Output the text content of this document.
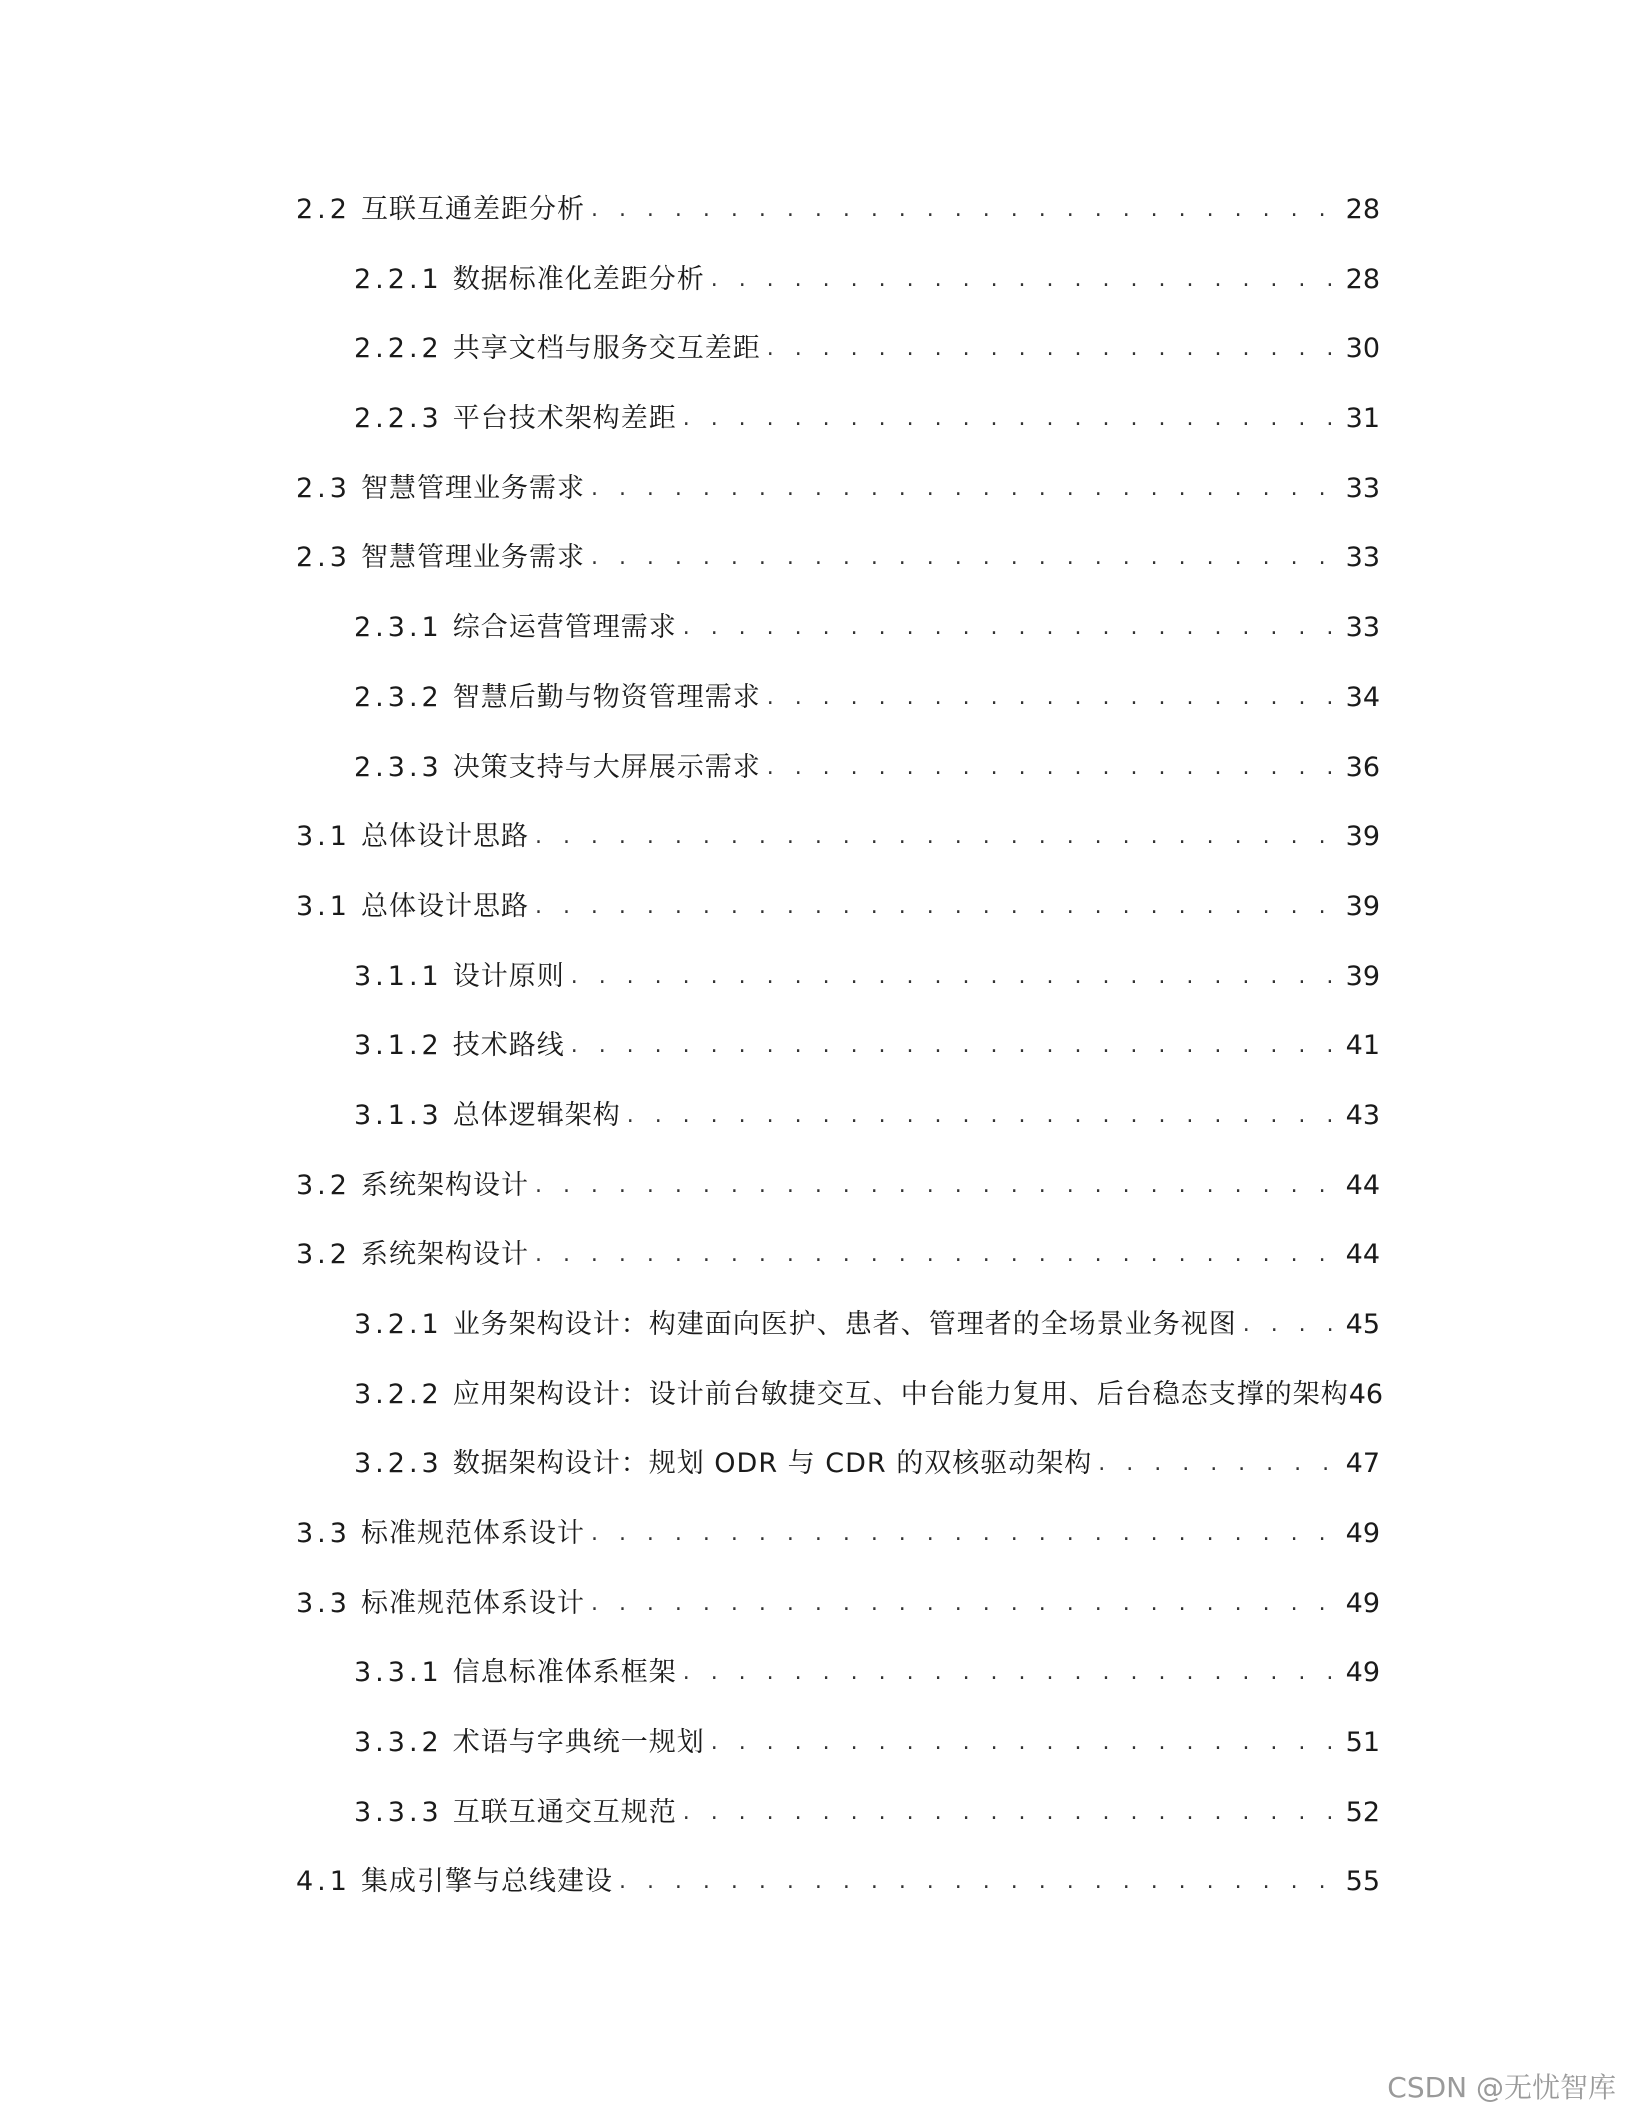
2.2 互联互通差距分析 . . .	28
2.2.1 数据标准化差距分析 . . .	28
2.2.2 共享文档与服务交互差距 . . .	30
2.2.3 平台技术架构差距 . . .	31
2.3 智慧管理业务需求 . . .	33
2.3 智慧管理业务需求 . . .	33
2.3.1 综合运营管理需求 . . .	33
2.3.2 智慧后勤与物资管理需求 . . .	34
2.3.3 决策支持与大屏展示需求 . . .	36
3.1 总体设计思路 . . .	39
3.1 总体设计思路 . . .	39
3.1.1 设计原则 . . .	39
3.1.2 技术路线 . . .	41
3.1.3 总体逻辑架构 . . .	43
3.2 系统架构设计 . . .	44
3.2 系统架构设计 . . .	44
3.2.1 业务架构设计：构建面向医护、患者、管理者的全场景业务视图 . . .	45
3.2.2 应用架构设计：设计前台敏捷交互、中台能力复用、后台稳态支撑的架构 46
3.2.3 数据架构设计：规划 ODR 与 CDR 的双核驱动架构 . . .	47
3.3 标准规范体系设计 . . .	49
3.3 标准规范体系设计 . . .	49
3.3.1 信息标准体系框架 . . .	49
3.3.2 术语与字典统一规划 . . .	51
3.3.3 互联互通交互规范 . . .	52
4.1 集成引擎与总线建设 . . .	55
CSDN @无忧智库
